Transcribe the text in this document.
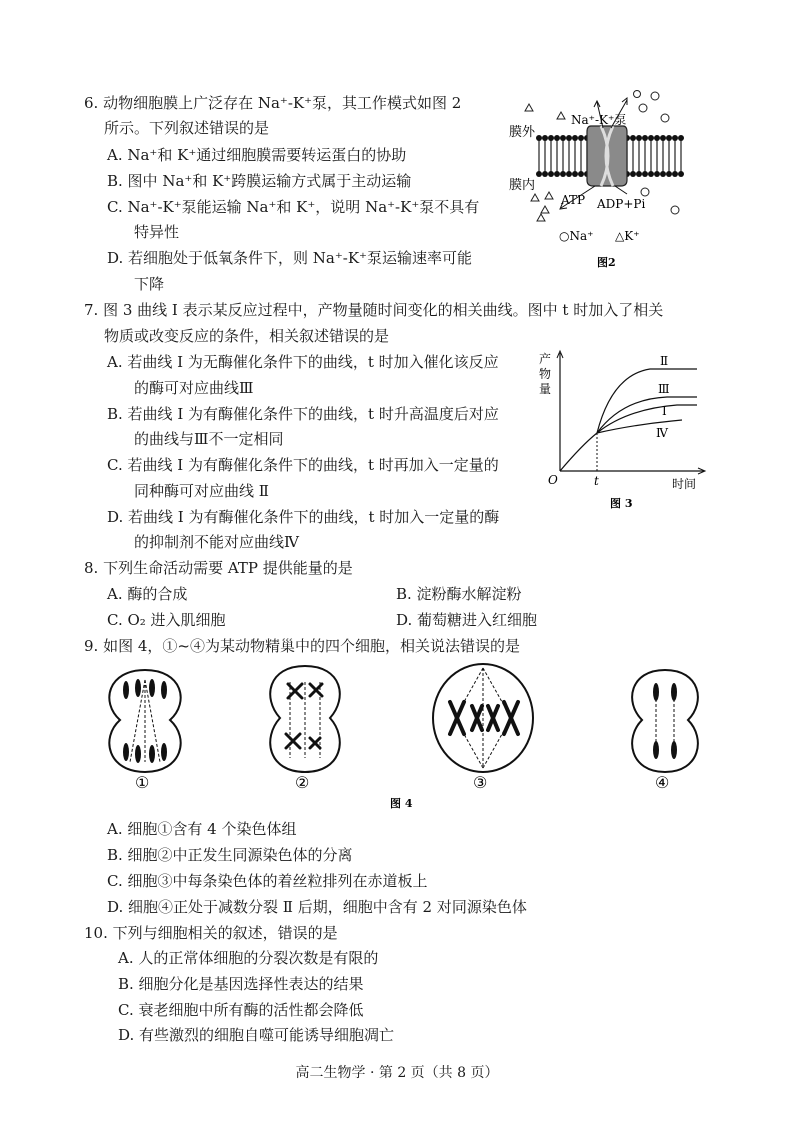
6. 动物细胞膜上广泛存在 Na⁺-K⁺泵，其工作模式如图 2
所示。下列叙述错误的是
A. Na⁺和 K⁺通过细胞膜需要转运蛋白的协助
B. 图中 Na⁺和 K⁺跨膜运输方式属于主动运输
C. Na⁺-K⁺泵能运输 Na⁺和 K⁺，说明 Na⁺-K⁺泵不具有
特异性
D. 若细胞处于低氧条件下，则 Na⁺-K⁺泵运输速率可能
下降
膜外
膜内
Na⁺-K⁺泵
ATP ADP+Pi
○Na⁺ △K⁺
图2
7. 图 3 曲线 Ⅰ 表示某反应过程中，产物量随时间变化的相关曲线。图中 t 时加入了相关
物质或改变反应的条件，相关叙述错误的是
A. 若曲线 Ⅰ 为无酶催化条件下的曲线，t 时加入催化该反应
的酶可对应曲线Ⅲ
B. 若曲线 Ⅰ 为有酶催化条件下的曲线，t 时升高温度后对应
的曲线与Ⅲ不一定相同
C. 若曲线 Ⅰ 为有酶催化条件下的曲线，t 时再加入一定量的
同种酶可对应曲线 Ⅱ
D. 若曲线 Ⅰ 为有酶催化条件下的曲线，t 时加入一定量的酶
的抑制剂不能对应曲线Ⅳ
产
物
量
O	t	时间
Ⅱ
Ⅲ
Ⅰ
Ⅳ
图 3
8. 下列生命活动需要 ATP 提供能量的是
A. 酶的合成	B. 淀粉酶水解淀粉
C. O₂ 进入肌细胞	D. 葡萄糖进入红细胞
9. 如图 4，①~④为某动物精巢中的四个细胞，相关说法错误的是
①	②	③	④
图 4
A. 细胞①含有 4 个染色体组
B. 细胞②中正发生同源染色体的分离
C. 细胞③中每条染色体的着丝粒排列在赤道板上
D. 细胞④正处于减数分裂 Ⅱ 后期，细胞中含有 2 对同源染色体
10. 下列与细胞相关的叙述，错误的是
A. 人的正常体细胞的分裂次数是有限的
B. 细胞分化是基因选择性表达的结果
C. 衰老细胞中所有酶的活性都会降低
D. 有些激烈的细胞自噬可能诱导细胞凋亡
高二生物学 · 第 2 页（共 8 页）
